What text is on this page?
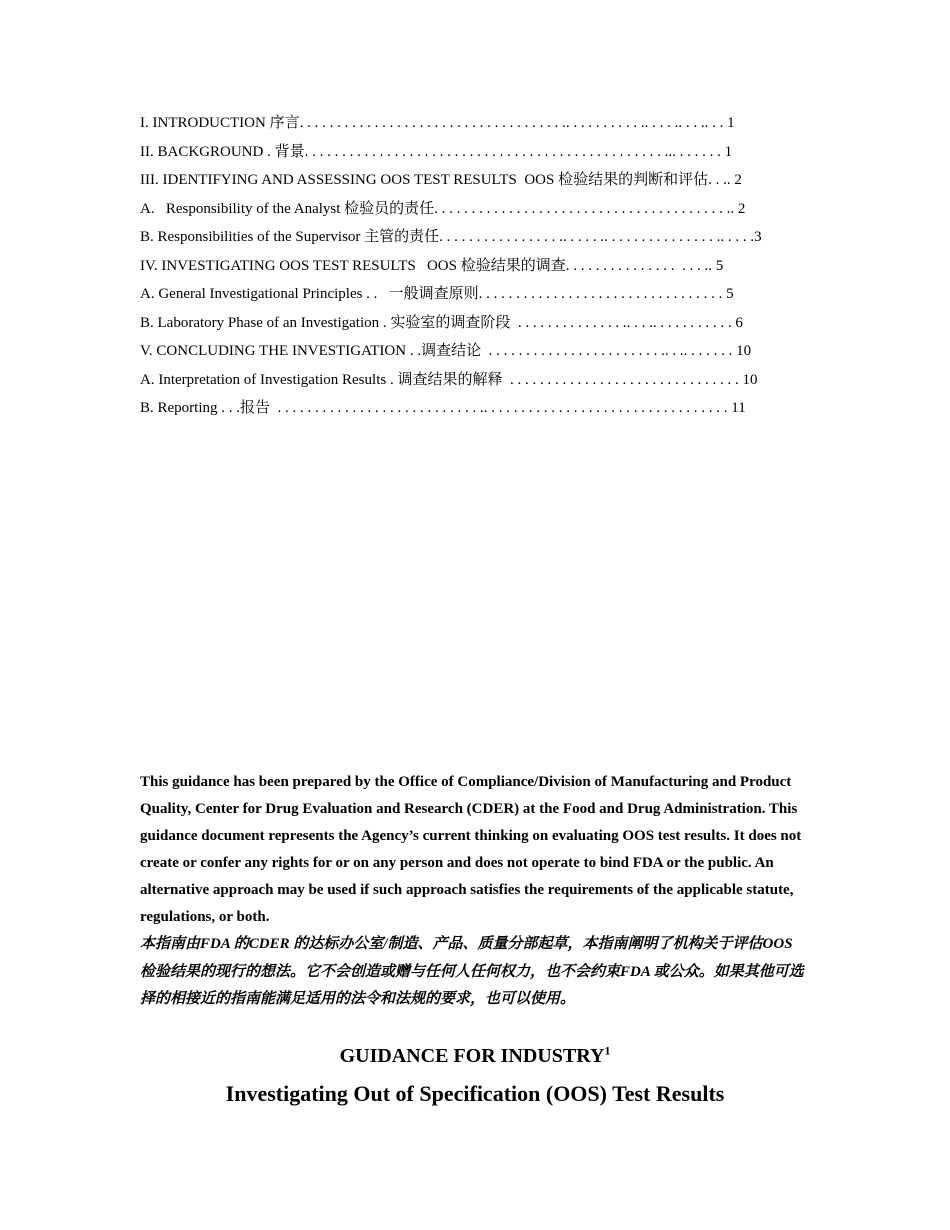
I. INTRODUCTION 序言. . . . . . . . . . . . . . . . . . . . . . . . . . . . . . . . . . . .. . . . . . . . . . .. . . . .. . . .. . . 1
II. BACKGROUND . 背景. . . . . . . . . . . . . . . . . . . . . . . . . . . . . . . . . . . . . . . . . . . . . . . . ... . . . . . . 1
III. IDENTIFYING AND ASSESSING OOS TEST RESULTS  OOS 检验结果的判断和评估. . .. 2
A.   Responsibility of the Analyst 检验员的责任. . . . . . . . . . . . . . . . . . . . . . . . . . . . . . . . . . . . . . . .. 2
B. Responsibilities of the Supervisor 主管的责任. . . . . . . . . . . . . . . . .. . . . . .. . . . . . . . . . . . . . . .. . . . .3
IV. INVESTIGATING OOS TEST RESULTS   OOS 检验结果的调查. . . . . . . . . . . . . . .  . . . .. 5
A. General Investigational Principles . .   一般调查原则. . . . . . . . . . . . . . . . . . . . . . . . . . . . . . . . . 5
B. Laboratory Phase of an Investigation . 实验室的调查阶段  . . . . . . . . . . . . . . .. . . .. . . . . . . . . . . 6
V. CONCLUDING THE INVESTIGATION . .调查结论  . . . . . . . . . . . . . . . . . . . . . . . .. . .. . . . . . . 10
A. Interpretation of Investigation Results . 调查结果的解释  . . . . . . . . . . . . . . . . . . . . . . . . . . . . . . . 10
B. Reporting . . .报告  . . . . . . . . . . . . . . . . . . . . . . . . . . . .. . . . . . . . . . . . . . . . . . . . . . . . . . . . . . . . . 11

This guidance has been prepared by the Office of Compliance/Division of Manufacturing and Product

Quality, Center for Drug Evaluation and Research (CDER) at the Food and Drug Administration. This guidance document represents the Agency’s current thinking on evaluating OOS test results. It does not create or confer any rights for or on any person and does not operate to bind FDA or the public. An alternative approach may be used if such approach satisfies the requirements of the applicable statute, regulations, or both.

本指南由FDA 的CDER 的达标办公室/制造、产品、质量分部起草，本指南阐明了机构关于评估OOS 检验结果的现行的想法。它不会创造或赠与任何人任何权力，也不会约束FDA 或公众。如果其他可选择的相接近的指南能满足适用的法令和法规的要求，也可以使用。

GUIDANCE FOR INDUSTRY$^1$
Investigating Out of Specification (OOS) Test Results
